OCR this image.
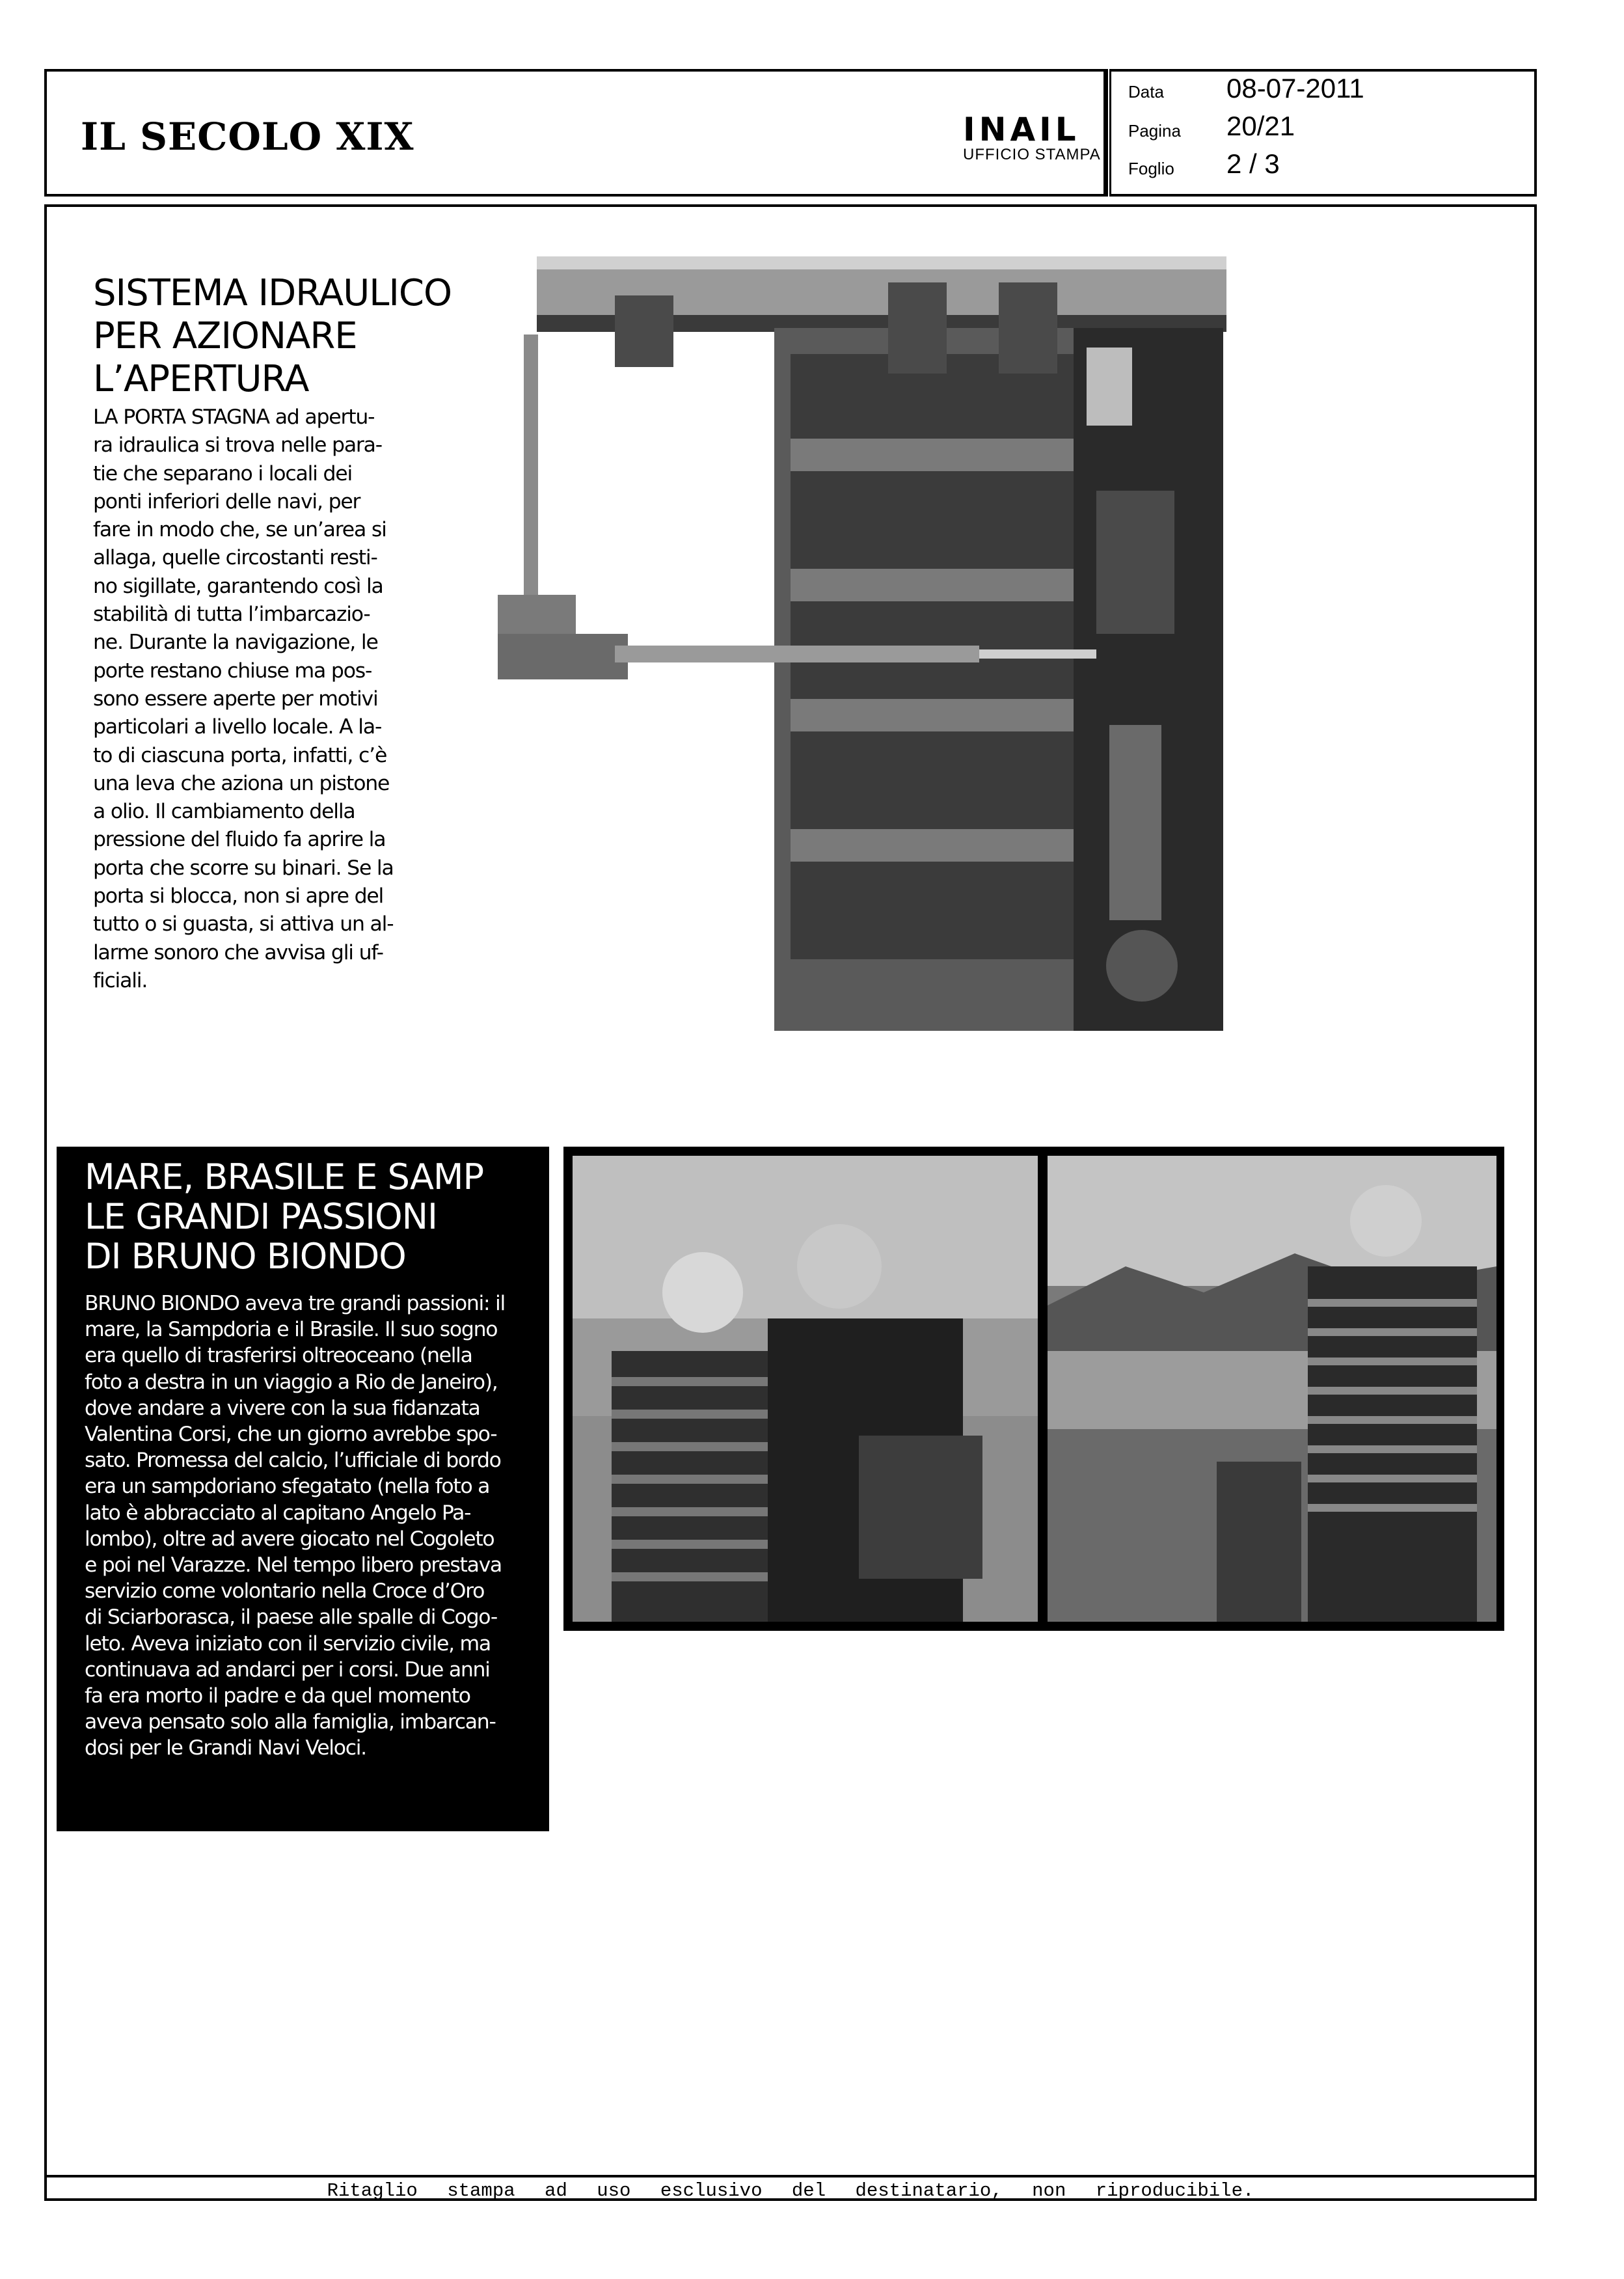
IL SECOLO XIX	INAIL
UFFICIO STAMPA
Data 08-07-2011
Pagina 20/21
Foglio 2 / 3
SISTEMA IDRAULICO
PER AZIONARE
L’APERTURA
LA PORTA STAGNA ad apertu-
ra idraulica si trova nelle para-
tie che separano i locali dei
ponti inferiori delle navi, per
fare in modo che, se un’area si
allaga, quelle circostanti resti-
no sigillate, garantendo così la
stabilità di tutta l’imbarcazio-
ne. Durante la navigazione, le
porte restano chiuse ma pos-
sono essere aperte per motivi
particolari a livello locale. A la-
to di ciascuna porta, infatti, c’è
una leva che aziona un pistone
a olio. Il cambiamento della
pressione del fluido fa aprire la
porta che scorre su binari. Se la
porta si blocca, non si apre del
tutto o si guasta, si attiva un al-
larme sonoro che avvisa gli uf-
ficiali.
MARE, BRASILE E SAMP
LE GRANDI PASSIONI
DI BRUNO BIONDO
BRUNO BIONDO aveva tre grandi passioni: il
mare, la Sampdoria e il Brasile. Il suo sogno
era quello di trasferirsi oltreoceano (nella
foto a destra in un viaggio a Rio de Janeiro),
dove andare a vivere con la sua fidanzata
Valentina Corsi, che un giorno avrebbe spo-
sato. Promessa del calcio, l’ufficiale di bordo
era un sampdoriano sfegatato (nella foto a
lato è abbracciato al capitano Angelo Pa-
lombo), oltre ad avere giocato nel Cogoleto
e poi nel Varazze. Nel tempo libero prestava
servizio come volontario nella Croce d’Oro
di Sciarborasca, il paese alle spalle di Cogo-
leto. Aveva iniziato con il servizio civile, ma
continuava ad andarci per i corsi. Due anni
fa era morto il padre e da quel momento
aveva pensato solo alla famiglia, imbarcan-
dosi per le Grandi Navi Veloci.
Ritaglio stampa ad uso esclusivo del destinatario, non riproducibile.
